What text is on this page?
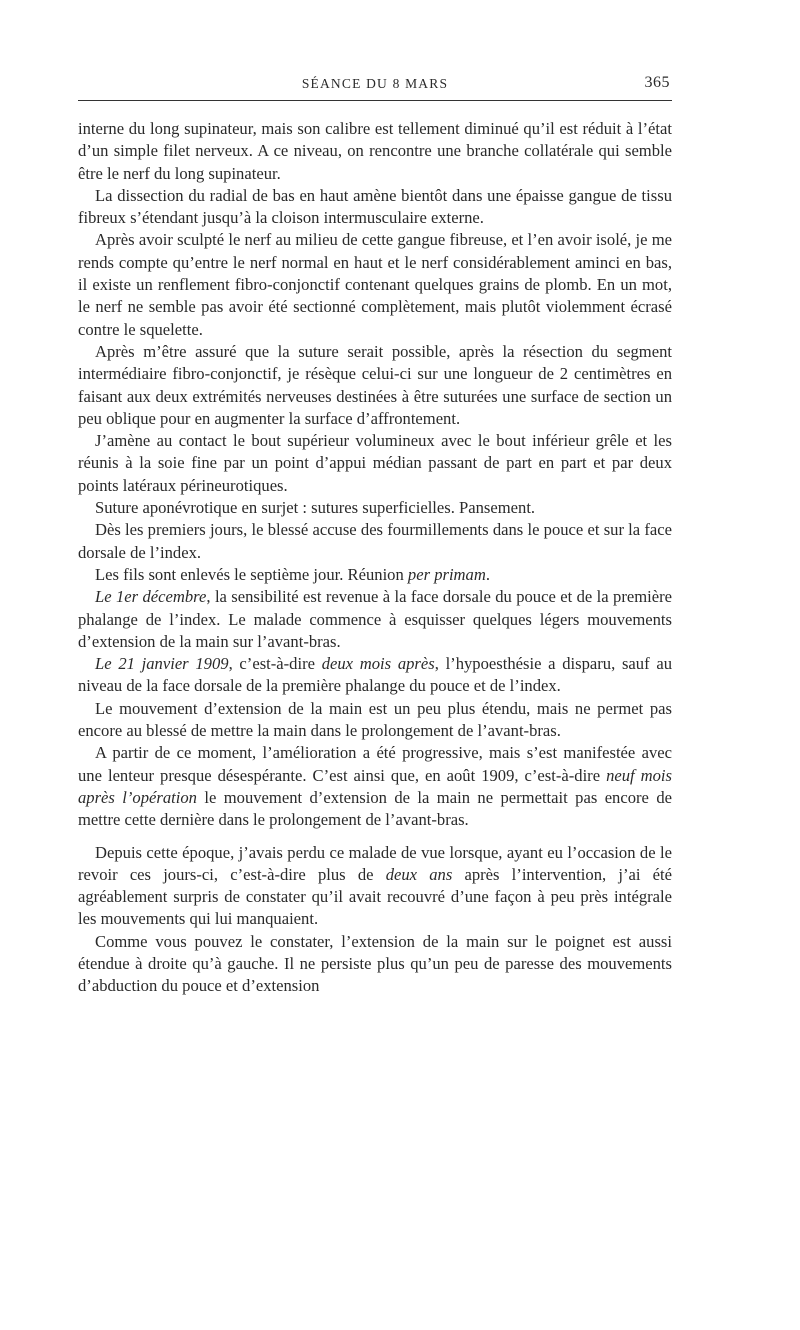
SÉANCE DU 8 MARS	365

interne du long supinateur, mais son calibre est tellement diminué qu’il est réduit à l’état d’un simple filet nerveux. A ce niveau, on rencontre une branche collatérale qui semble être le nerf du long supinateur.

La dissection du radial de bas en haut amène bientôt dans une épaisse gangue de tissu fibreux s’étendant jusqu’à la cloison intermusculaire externe.

Après avoir sculpté le nerf au milieu de cette gangue fibreuse, et l’en avoir isolé, je me rends compte qu’entre le nerf normal en haut et le nerf considérablement aminci en bas, il existe un renflement fibro-conjonctif contenant quelques grains de plomb. En un mot, le nerf ne semble pas avoir été sectionné complètement, mais plutôt violemment écrasé contre le squelette.

Après m’être assuré que la suture serait possible, après la résection du segment intermédiaire fibro-conjonctif, je résèque celui-ci sur une longueur de 2 centimètres en faisant aux deux extrémités nerveuses destinées à être suturées une surface de section un peu oblique pour en augmenter la surface d’affrontement.

J’amène au contact le bout supérieur volumineux avec le bout inférieur grêle et les réunis à la soie fine par un point d’appui médian passant de part en part et par deux points latéraux périneurotiques.

Suture aponévrotique en surjet : sutures superficielles. Pansement.

Dès les premiers jours, le blessé accuse des fourmillements dans le pouce et sur la face dorsale de l’index.

Les fils sont enlevés le septième jour. Réunion per primam.

Le 1er décembre, la sensibilité est revenue à la face dorsale du pouce et de la première phalange de l’index. Le malade commence à esquisser quelques légers mouvements d’extension de la main sur l’avant-bras.

Le 21 janvier 1909, c’est-à-dire deux mois après, l’hypoesthésie a disparu, sauf au niveau de la face dorsale de la première phalange du pouce et de l’index.

Le mouvement d’extension de la main est un peu plus étendu, mais ne permet pas encore au blessé de mettre la main dans le prolongement de l’avant-bras.

A partir de ce moment, l’amélioration a été progressive, mais s’est manifestée avec une lenteur presque désespérante. C’est ainsi que, en août 1909, c’est-à-dire neuf mois après l’opération le mouvement d’extension de la main ne permettait pas encore de mettre cette dernière dans le prolongement de l’avant-bras.

Depuis cette époque, j’avais perdu ce malade de vue lorsque, ayant eu l’occasion de le revoir ces jours-ci, c’est-à-dire plus de deux ans après l’intervention, j’ai été agréablement surpris de constater qu’il avait recouvré d’une façon à peu près intégrale les mouvements qui lui manquaient.

Comme vous pouvez le constater, l’extension de la main sur le poignet est aussi étendue à droite qu’à gauche. Il ne persiste plus qu’un peu de paresse des mouvements d’abduction du pouce et d’extension
